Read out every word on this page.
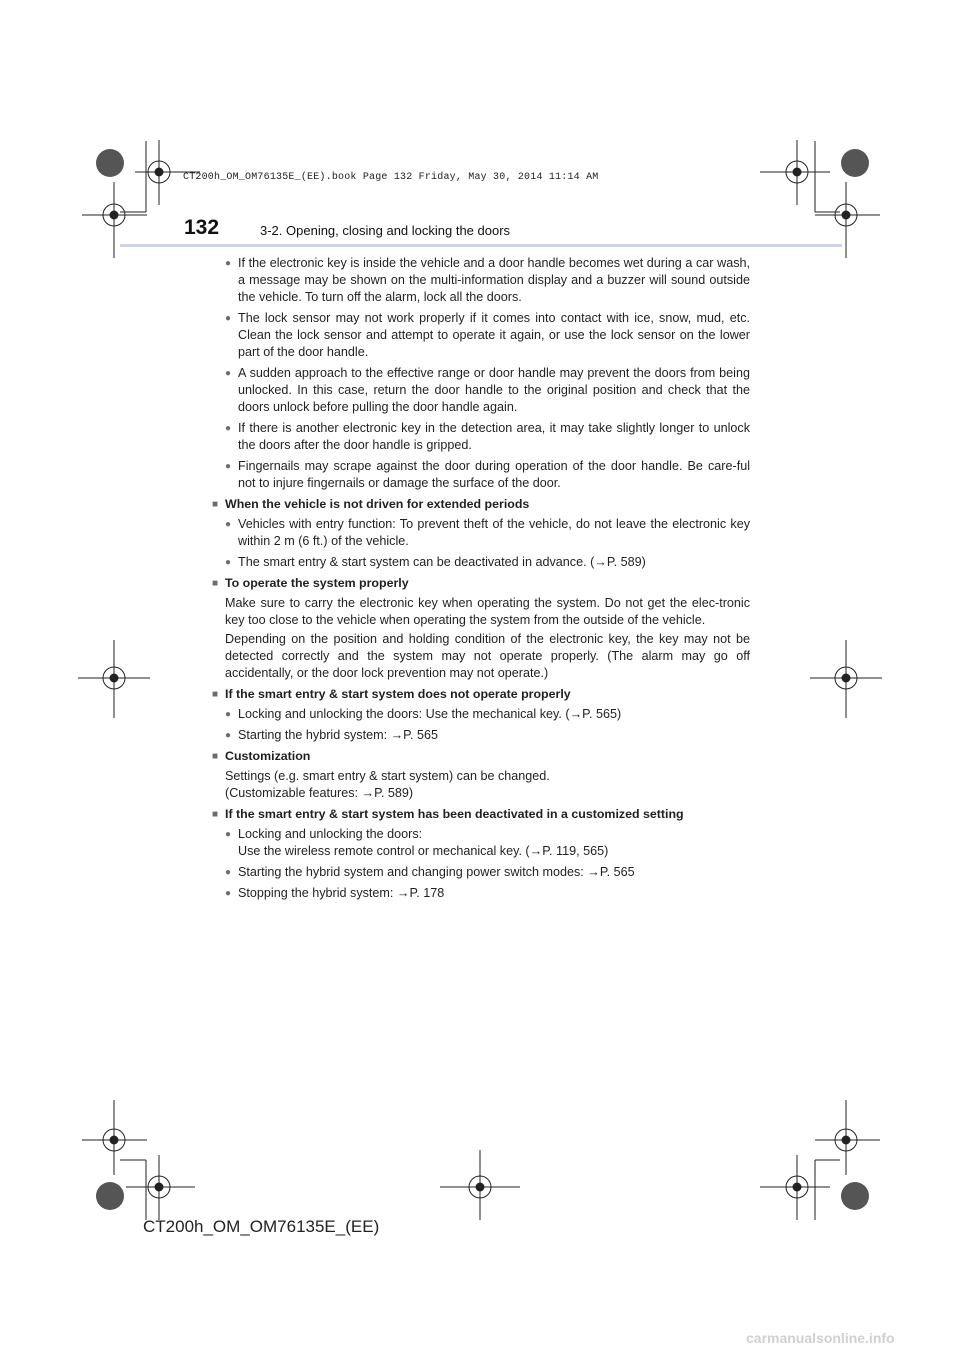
CT200h_OM_OM76135E_(EE).book Page 132 Friday, May 30, 2014 11:14 AM
132	3-2. Opening, closing and locking the doors

● If the electronic key is inside the vehicle and a door handle becomes wet during a car wash, a message may be shown on the multi-information display and a buzzer will sound outside the vehicle. To turn off the alarm, lock all the doors.

● The lock sensor may not work properly if it comes into contact with ice, snow, mud, etc. Clean the lock sensor and attempt to operate it again, or use the lock sensor on the lower part of the door handle.

● A sudden approach to the effective range or door handle may prevent the doors from being unlocked. In this case, return the door handle to the original position and check that the doors unlock before pulling the door handle again.

● If there is another electronic key in the detection area, it may take slightly longer to unlock the doors after the door handle is gripped.

● Fingernails may scrape against the door during operation of the door handle. Be care-ful not to injure fingernails or damage the surface of the door.

■ When the vehicle is not driven for extended periods

● Vehicles with entry function: To prevent theft of the vehicle, do not leave the electronic key within 2 m (6 ft.) of the vehicle.

● The smart entry & start system can be deactivated in advance. (→P. 589)

■ To operate the system properly

Make sure to carry the electronic key when operating the system. Do not get the elec-tronic key too close to the vehicle when operating the system from the outside of the vehicle.

Depending on the position and holding condition of the electronic key, the key may not be detected correctly and the system may not operate properly. (The alarm may go off accidentally, or the door lock prevention may not operate.)

■ If the smart entry & start system does not operate properly

● Locking and unlocking the doors: Use the mechanical key. (→P. 565)

● Starting the hybrid system: →P. 565

■ Customization

Settings (e.g. smart entry & start system) can be changed.

(Customizable features: →P. 589)

■ If the smart entry & start system has been deactivated in a customized setting

● Locking and unlocking the doors:
Use the wireless remote control or mechanical key. (→P. 119, 565)

● Starting the hybrid system and changing power switch modes: →P. 565

● Stopping the hybrid system: →P. 178

CT200h_OM_OM76135E_(EE)
carmanualsonline.info
